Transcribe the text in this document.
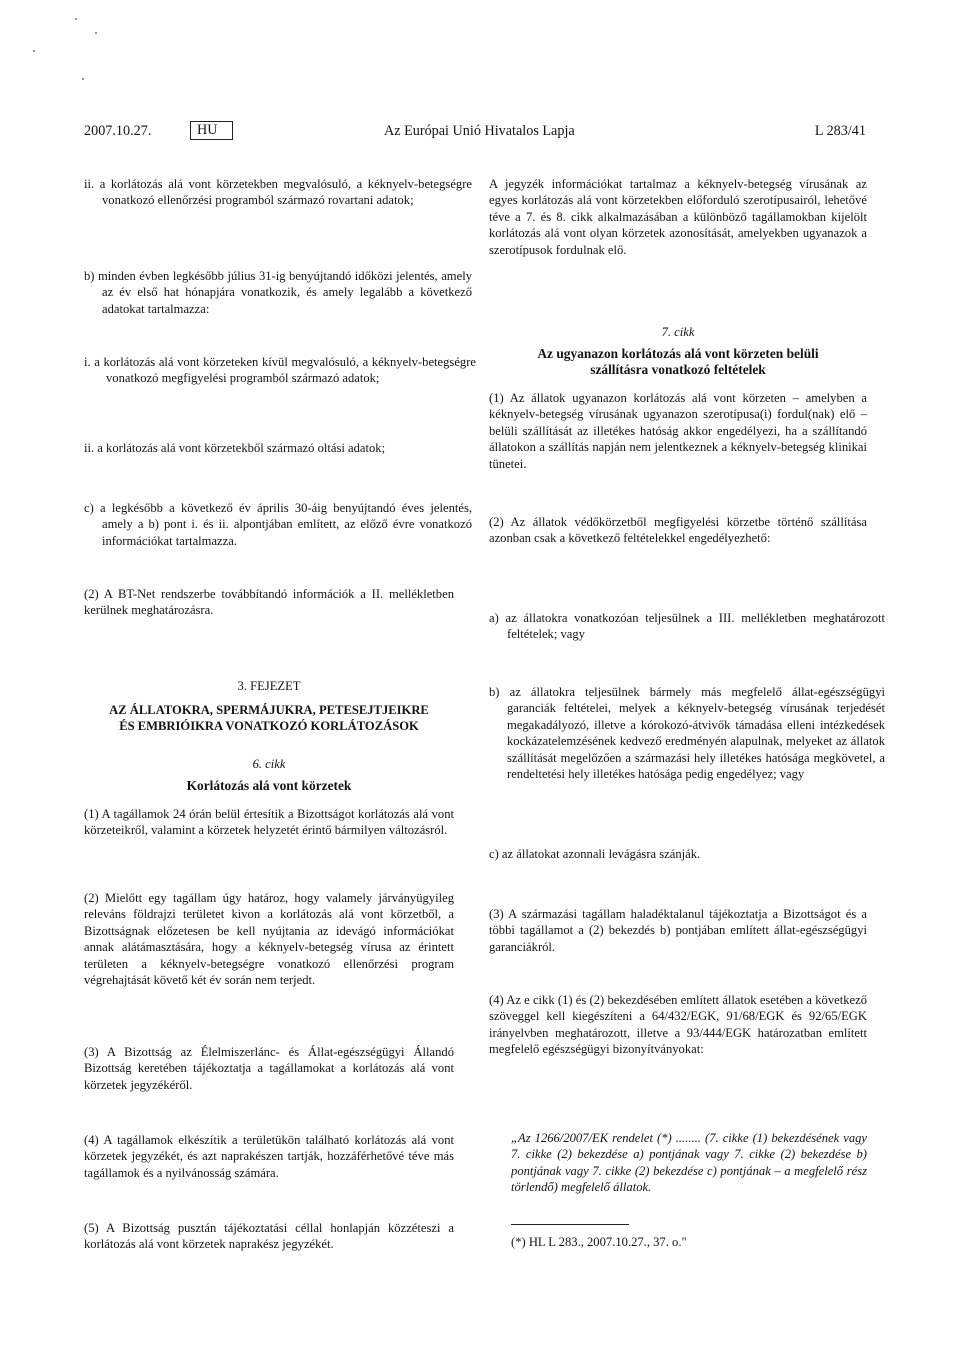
2007.10.27.	HU	Az Európai Unió Hivatalos Lapja	L 283/41
ii. a korlátozás alá vont körzetekben megvalósuló, a kéknyelv-betegségre vonatkozó ellenőrzési programból származó rovartani adatok;
b) minden évben legkésőbb július 31-ig benyújtandó időközi jelentés, amely az év első hat hónapjára vonatkozik, és amely legalább a következő adatokat tartalmazza:
i. a korlátozás alá vont körzeteken kívül megvalósuló, a kéknyelv-betegségre vonatkozó megfigyelési programból származó adatok;
ii. a korlátozás alá vont körzetekből származó oltási adatok;
c) a legkésőbb a következő év április 30-áig benyújtandó éves jelentés, amely a b) pont i. és ii. alpontjában említett, az előző évre vonatkozó információkat tartalmazza.
(2) A BT-Net rendszerbe továbbítandó információk a II. mellékletben kerülnek meghatározásra.
3. FEJEZET
AZ ÁLLATOKRA, SPERMÁJUKRA, PETESEJTJEIKRE ÉS EMBRIÓIKRA VONATKOZÓ KORLÁTOZÁSOK
6. cikk
Korlátozás alá vont körzetek
(1) A tagállamok 24 órán belül értesítik a Bizottságot korlátozás alá vont körzeteikről, valamint a körzetek helyzetét érintő bármilyen változásról.
(2) Mielőtt egy tagállam úgy határoz, hogy valamely járványügyileg releváns földrajzi területet kivon a korlátozás alá vont körzetből, a Bizottságnak előzetesen be kell nyújtania az idevágó információkat annak alátámasztására, hogy a kéknyelv-betegség vírusa az érintett területen a kéknyelv-betegségre vonatkozó ellenőrzési program végrehajtását követő két év során nem terjedt.
(3) A Bizottság az Élelmiszerlánc- és Állat-egészségügyi Állandó Bizottság keretében tájékoztatja a tagállamokat a korlátozás alá vont körzetek jegyzékéről.
(4) A tagállamok elkészítik a területükön található korlátozás alá vont körzetek jegyzékét, és azt naprakészen tartják, hozzáférhetővé téve más tagállamok és a nyilvánosság számára.
(5) A Bizottság pusztán tájékoztatási céllal honlapján közzéteszi a korlátozás alá vont körzetek naprakész jegyzékét.
A jegyzék információkat tartalmaz a kéknyelv-betegség vírusának az egyes korlátozás alá vont körzetekben előforduló szerotípusairól, lehetővé téve a 7. és 8. cikk alkalmazásában a különböző tagállamokban kijelölt korlátozás alá vont olyan körzetek azonosítását, amelyekben ugyanazok a szerotípusok fordulnak elő.
7. cikk
Az ugyanazon korlátozás alá vont körzeten belüli szállításra vonatkozó feltételek
(1) Az állatok ugyanazon korlátozás alá vont körzeten – amelyben a kéknyelv-betegség vírusának ugyanazon szerotípusa(i) fordul(nak) elő – belüli szállítását az illetékes hatóság akkor engedélyezi, ha a szállítandó állatokon a szállítás napján nem jelentkeznek a kéknyelv-betegség klinikai tünetei.
(2) Az állatok védőkörzetből megfigyelési körzetbe történő szállítása azonban csak a következő feltételekkel engedélyezhető:
a) az állatokra vonatkozóan teljesülnek a III. mellékletben meghatározott feltételek; vagy
b) az állatokra teljesülnek bármely más megfelelő állat-egészségügyi garanciák feltételei, melyek a kéknyelv-betegség vírusának terjedését megakadályozó, illetve a kórokozó-átvivők támadása elleni intézkedések kockázatelemzésének kedvező eredményén alapulnak, melyeket az állatok szállítását megelőzően a származási hely illetékes hatósága megkövetel, a rendeltetési hely illetékes hatósága pedig engedélyez; vagy
c) az állatokat azonnali levágásra szánják.
(3) A származási tagállam haladéktalanul tájékoztatja a Bizottságot és a többi tagállamot a (2) bekezdés b) pontjában említett állat-egészségügyi garanciákról.
(4) Az e cikk (1) és (2) bekezdésében említett állatok esetében a következő szöveggel kell kiegészíteni a 64/432/EGK, 91/68/EGK és 92/65/EGK irányelvben meghatározott, illetve a 93/444/EGK határozatban említett megfelelő egészségügyi bizonyítványokat:
„Az 1266/2007/EK rendelet (*) ........ (7. cikke (1) bekezdésének vagy 7. cikke (2) bekezdése a) pontjának vagy 7. cikke (2) bekezdése b) pontjának vagy 7. cikke (2) bekezdése c) pontjának – a megfelelő rész törlendő) megfelelő állatok.
(*) HL L 283., 2007.10.27., 37. o."
